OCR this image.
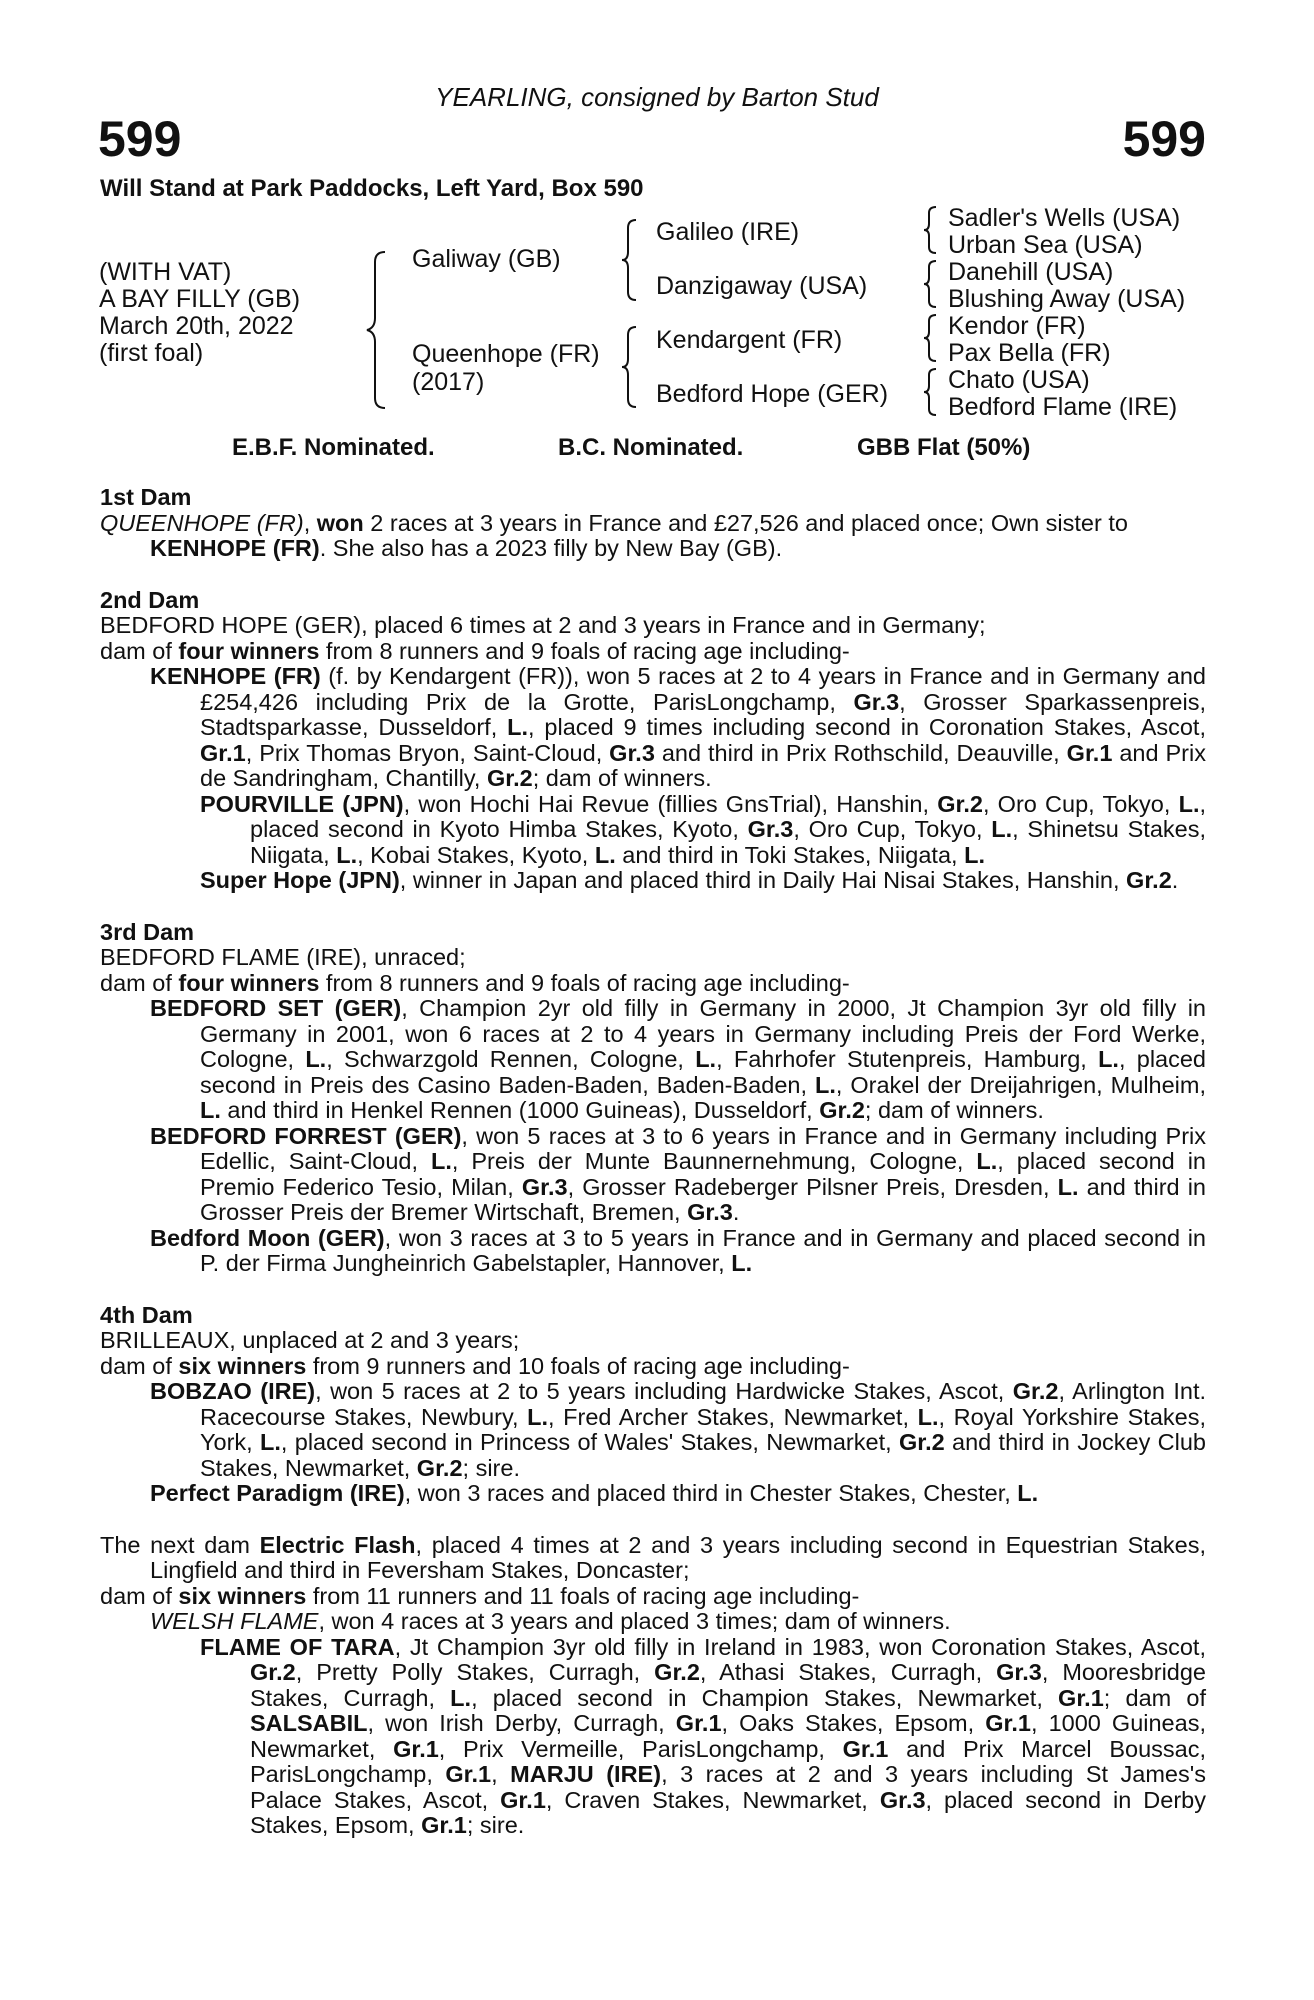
YEARLING, consigned by Barton Stud
599	599
Will Stand at Park Paddocks, Left Yard, Box 590
(WITH VAT)
A BAY FILLY (GB)
March 20th, 2022
(first foal)
Galiway (GB)
Queenhope (FR)
(2017)
Galileo (IRE)
Danzigaway (USA)
Kendargent (FR)
Bedford Hope (GER)
Sadler's Wells (USA)
Urban Sea (USA)
Danehill (USA)
Blushing Away (USA)
Kendor (FR)
Pax Bella (FR)
Chato (USA)
Bedford Flame (IRE)
E.B.F. Nominated.	B.C. Nominated.	GBB Flat (50%)
1st Dam
QUEENHOPE (FR), won 2 races at 3 years in France and £27,526 and placed once; Own sister to KENHOPE (FR). She also has a 2023 filly by New Bay (GB).
2nd Dam
BEDFORD HOPE (GER), placed 6 times at 2 and 3 years in France and in Germany;
dam of four winners from 8 runners and 9 foals of racing age including-
KENHOPE (FR) (f. by Kendargent (FR)), won 5 races at 2 to 4 years in France and in Germany and £254,426 including Prix de la Grotte, ParisLongchamp, Gr.3, Grosser Sparkassenpreis, Stadtsparkasse, Dusseldorf, L., placed 9 times including second in Coronation Stakes, Ascot, Gr.1, Prix Thomas Bryon, Saint-Cloud, Gr.3 and third in Prix Rothschild, Deauville, Gr.1 and Prix de Sandringham, Chantilly, Gr.2; dam of winners.
POURVILLE (JPN), won Hochi Hai Revue (fillies GnsTrial), Hanshin, Gr.2, Oro Cup, Tokyo, L., placed second in Kyoto Himba Stakes, Kyoto, Gr.3, Oro Cup, Tokyo, L., Shinetsu Stakes, Niigata, L., Kobai Stakes, Kyoto, L. and third in Toki Stakes, Niigata, L.
Super Hope (JPN), winner in Japan and placed third in Daily Hai Nisai Stakes, Hanshin, Gr.2.
3rd Dam
BEDFORD FLAME (IRE), unraced;
dam of four winners from 8 runners and 9 foals of racing age including-
BEDFORD SET (GER), Champion 2yr old filly in Germany in 2000, Jt Champion 3yr old filly in Germany in 2001, won 6 races at 2 to 4 years in Germany including Preis der Ford Werke, Cologne, L., Schwarzgold Rennen, Cologne, L., Fahrhofer Stutenpreis, Hamburg, L., placed second in Preis des Casino Baden-Baden, Baden-Baden, L., Orakel der Dreijahrigen, Mulheim, L. and third in Henkel Rennen (1000 Guineas), Dusseldorf, Gr.2; dam of winners.
BEDFORD FORREST (GER), won 5 races at 3 to 6 years in France and in Germany including Prix Edellic, Saint-Cloud, L., Preis der Munte Baunnernehmung, Cologne, L., placed second in Premio Federico Tesio, Milan, Gr.3, Grosser Radeberger Pilsner Preis, Dresden, L. and third in Grosser Preis der Bremer Wirtschaft, Bremen, Gr.3.
Bedford Moon (GER), won 3 races at 3 to 5 years in France and in Germany and placed second in P. der Firma Jungheinrich Gabelstapler, Hannover, L.
4th Dam
BRILLEAUX, unplaced at 2 and 3 years;
dam of six winners from 9 runners and 10 foals of racing age including-
BOBZAO (IRE), won 5 races at 2 to 5 years including Hardwicke Stakes, Ascot, Gr.2, Arlington Int. Racecourse Stakes, Newbury, L., Fred Archer Stakes, Newmarket, L., Royal Yorkshire Stakes, York, L., placed second in Princess of Wales' Stakes, Newmarket, Gr.2 and third in Jockey Club Stakes, Newmarket, Gr.2; sire.
Perfect Paradigm (IRE), won 3 races and placed third in Chester Stakes, Chester, L.
The next dam Electric Flash, placed 4 times at 2 and 3 years including second in Equestrian Stakes, Lingfield and third in Feversham Stakes, Doncaster;
dam of six winners from 11 runners and 11 foals of racing age including-
WELSH FLAME, won 4 races at 3 years and placed 3 times; dam of winners.
FLAME OF TARA, Jt Champion 3yr old filly in Ireland in 1983, won Coronation Stakes, Ascot, Gr.2, Pretty Polly Stakes, Curragh, Gr.2, Athasi Stakes, Curragh, Gr.3, Mooresbridge Stakes, Curragh, L., placed second in Champion Stakes, Newmarket, Gr.1; dam of SALSABIL, won Irish Derby, Curragh, Gr.1, Oaks Stakes, Epsom, Gr.1, 1000 Guineas, Newmarket, Gr.1, Prix Vermeille, ParisLongchamp, Gr.1 and Prix Marcel Boussac, ParisLongchamp, Gr.1, MARJU (IRE), 3 races at 2 and 3 years including St James's Palace Stakes, Ascot, Gr.1, Craven Stakes, Newmarket, Gr.3, placed second in Derby Stakes, Epsom, Gr.1; sire.
